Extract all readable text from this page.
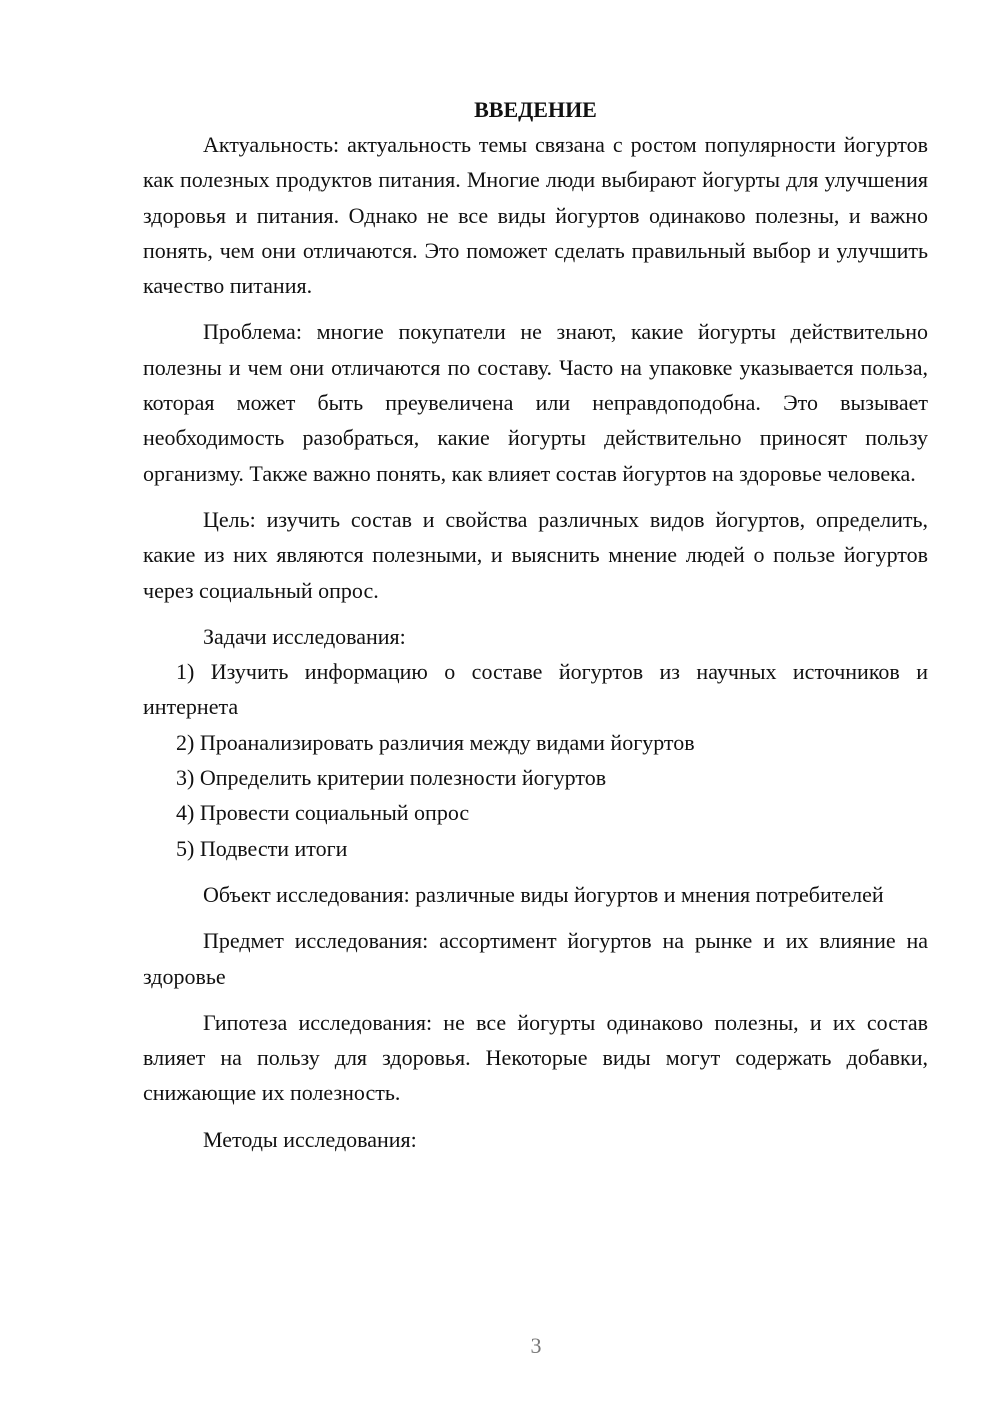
ВВЕДЕНИЕ

Актуальность: актуальность темы связана с ростом популярности йогуртов как полезных продуктов питания. Многие люди выбирают йогурты для улучшения здоровья и питания. Однако не все виды йогуртов одинаково полезны, и важно понять, чем они отличаются. Это поможет сделать правильный выбор и улучшить качество питания.

Проблема: многие покупатели не знают, какие йогурты действительно полезны и чем они отличаются по составу. Часто на упаковке указывается польза, которая может быть преувеличена или неправдоподобна. Это вызывает необходимость разобраться, какие йогурты действительно приносят пользу организму. Также важно понять, как влияет состав йогуртов на здоровье человека.

Цель: изучить состав и свойства различных видов йогуртов, определить, какие из них являются полезными, и выяснить мнение людей о пользе йогуртов через социальный опрос.

Задачи исследования:

1) Изучить информацию о составе йогуртов из научных источников и интернета

2) Проанализировать различия между видами йогуртов

3) Определить критерии полезности йогуртов

4) Провести социальный опрос

5) Подвести итоги

Объект исследования: различные виды йогуртов и мнения потребителей

Предмет исследования: ассортимент йогуртов на рынке и их влияние на здоровье

Гипотеза исследования: не все йогурты одинаково полезны, и их состав влияет на пользу для здоровья. Некоторые виды могут содержать добавки, снижающие их полезность.

Методы исследования:

3
